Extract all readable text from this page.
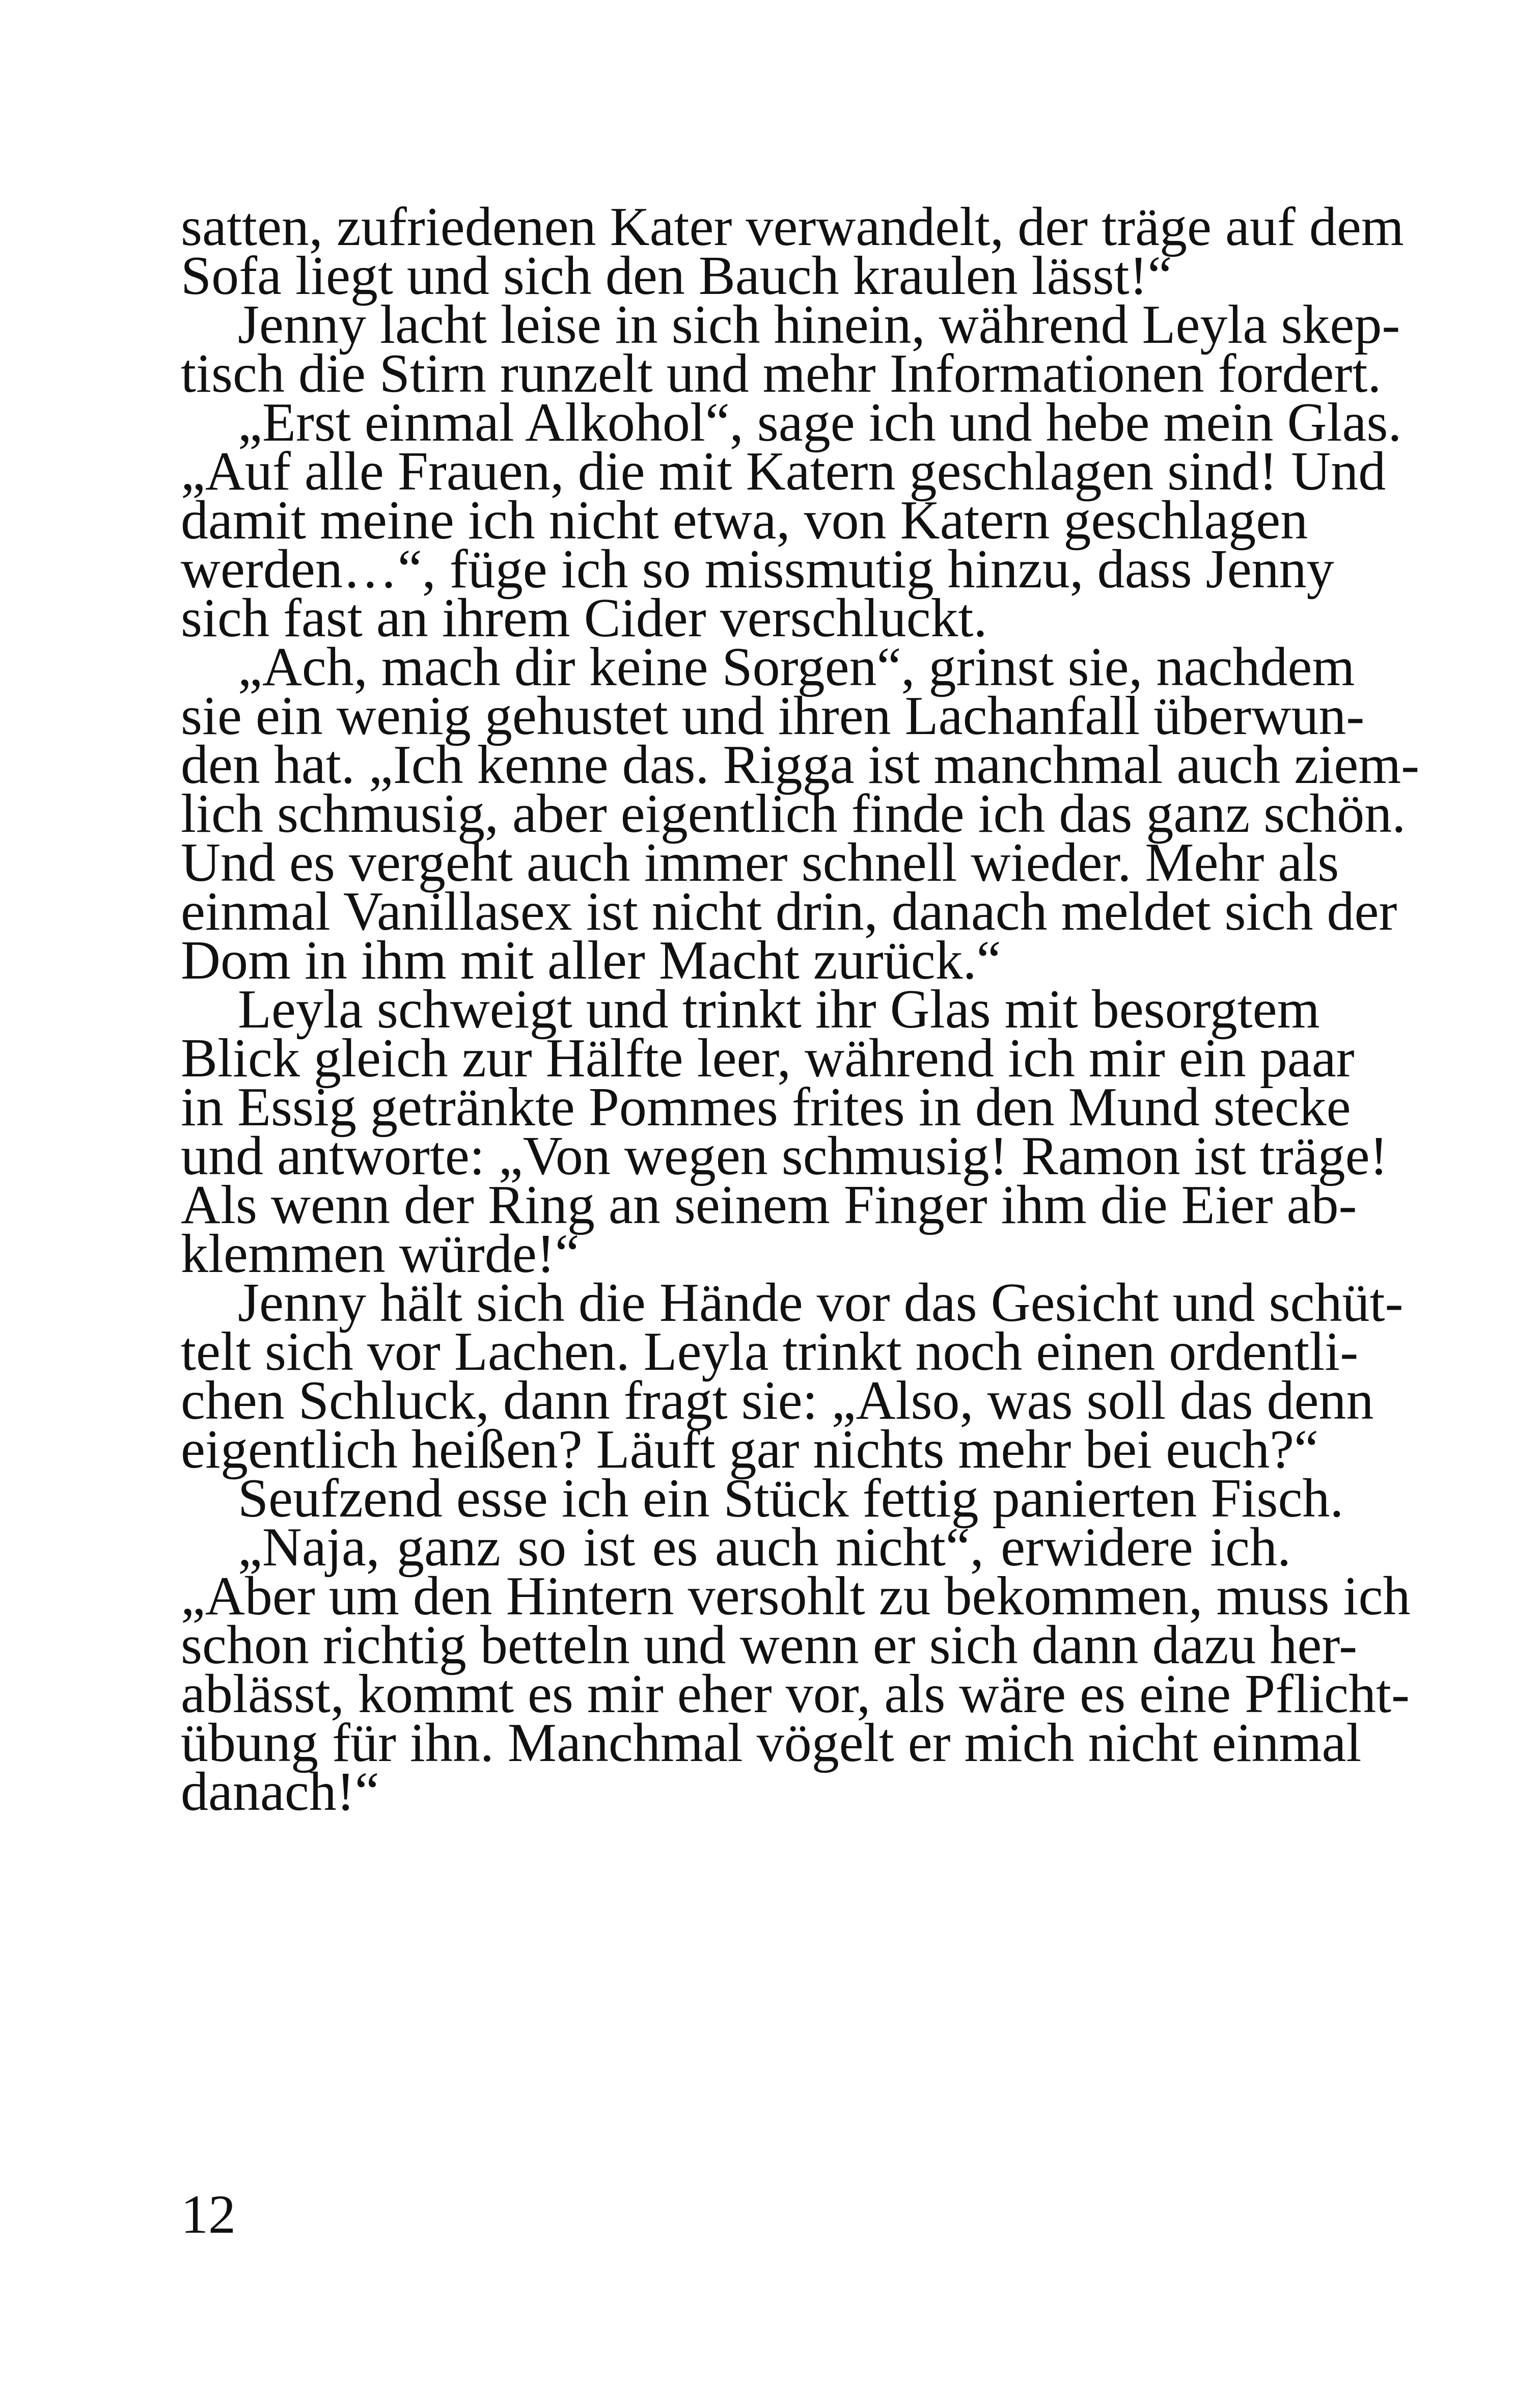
satten, zufriedenen Kater verwandelt, der träge auf dem
Sofa liegt und sich den Bauch kraulen lässt!“
Jenny lacht leise in sich hinein, während Leyla skep-
tisch die Stirn runzelt und mehr Informationen fordert.
„Erst einmal Alkohol“, sage ich und hebe mein Glas.
„Auf alle Frauen, die mit Katern geschlagen sind! Und
damit meine ich nicht etwa, von Katern geschlagen
werden…“, füge ich so missmutig hinzu, dass Jenny
sich fast an ihrem Cider verschluckt.
„Ach, mach dir keine Sorgen“, grinst sie, nachdem
sie ein wenig gehustet und ihren Lachanfall überwun-
den hat. „Ich kenne das. Rigga ist manchmal auch ziem-
lich schmusig, aber eigentlich finde ich das ganz schön.
Und es vergeht auch immer schnell wieder. Mehr als
einmal Vanillasex ist nicht drin, danach meldet sich der
Dom in ihm mit aller Macht zurück.“
Leyla schweigt und trinkt ihr Glas mit besorgtem
Blick gleich zur Hälfte leer, während ich mir ein paar
in Essig getränkte Pommes frites in den Mund stecke
und antworte: „Von wegen schmusig! Ramon ist träge!
Als wenn der Ring an seinem Finger ihm die Eier ab-
klemmen würde!“
Jenny hält sich die Hände vor das Gesicht und schüt-
telt sich vor Lachen. Leyla trinkt noch einen ordentli-
chen Schluck, dann fragt sie: „Also, was soll das denn
eigentlich heißen? Läuft gar nichts mehr bei euch?“
Seufzend esse ich ein Stück fettig panierten Fisch.
„Naja, ganz so ist es auch nicht“, erwidere ich.
„Aber um den Hintern versohlt zu bekommen, muss ich
schon richtig betteln und wenn er sich dann dazu her-
ablässt, kommt es mir eher vor, als wäre es eine Pflicht-
übung für ihn. Manchmal vögelt er mich nicht einmal
danach!“
12
